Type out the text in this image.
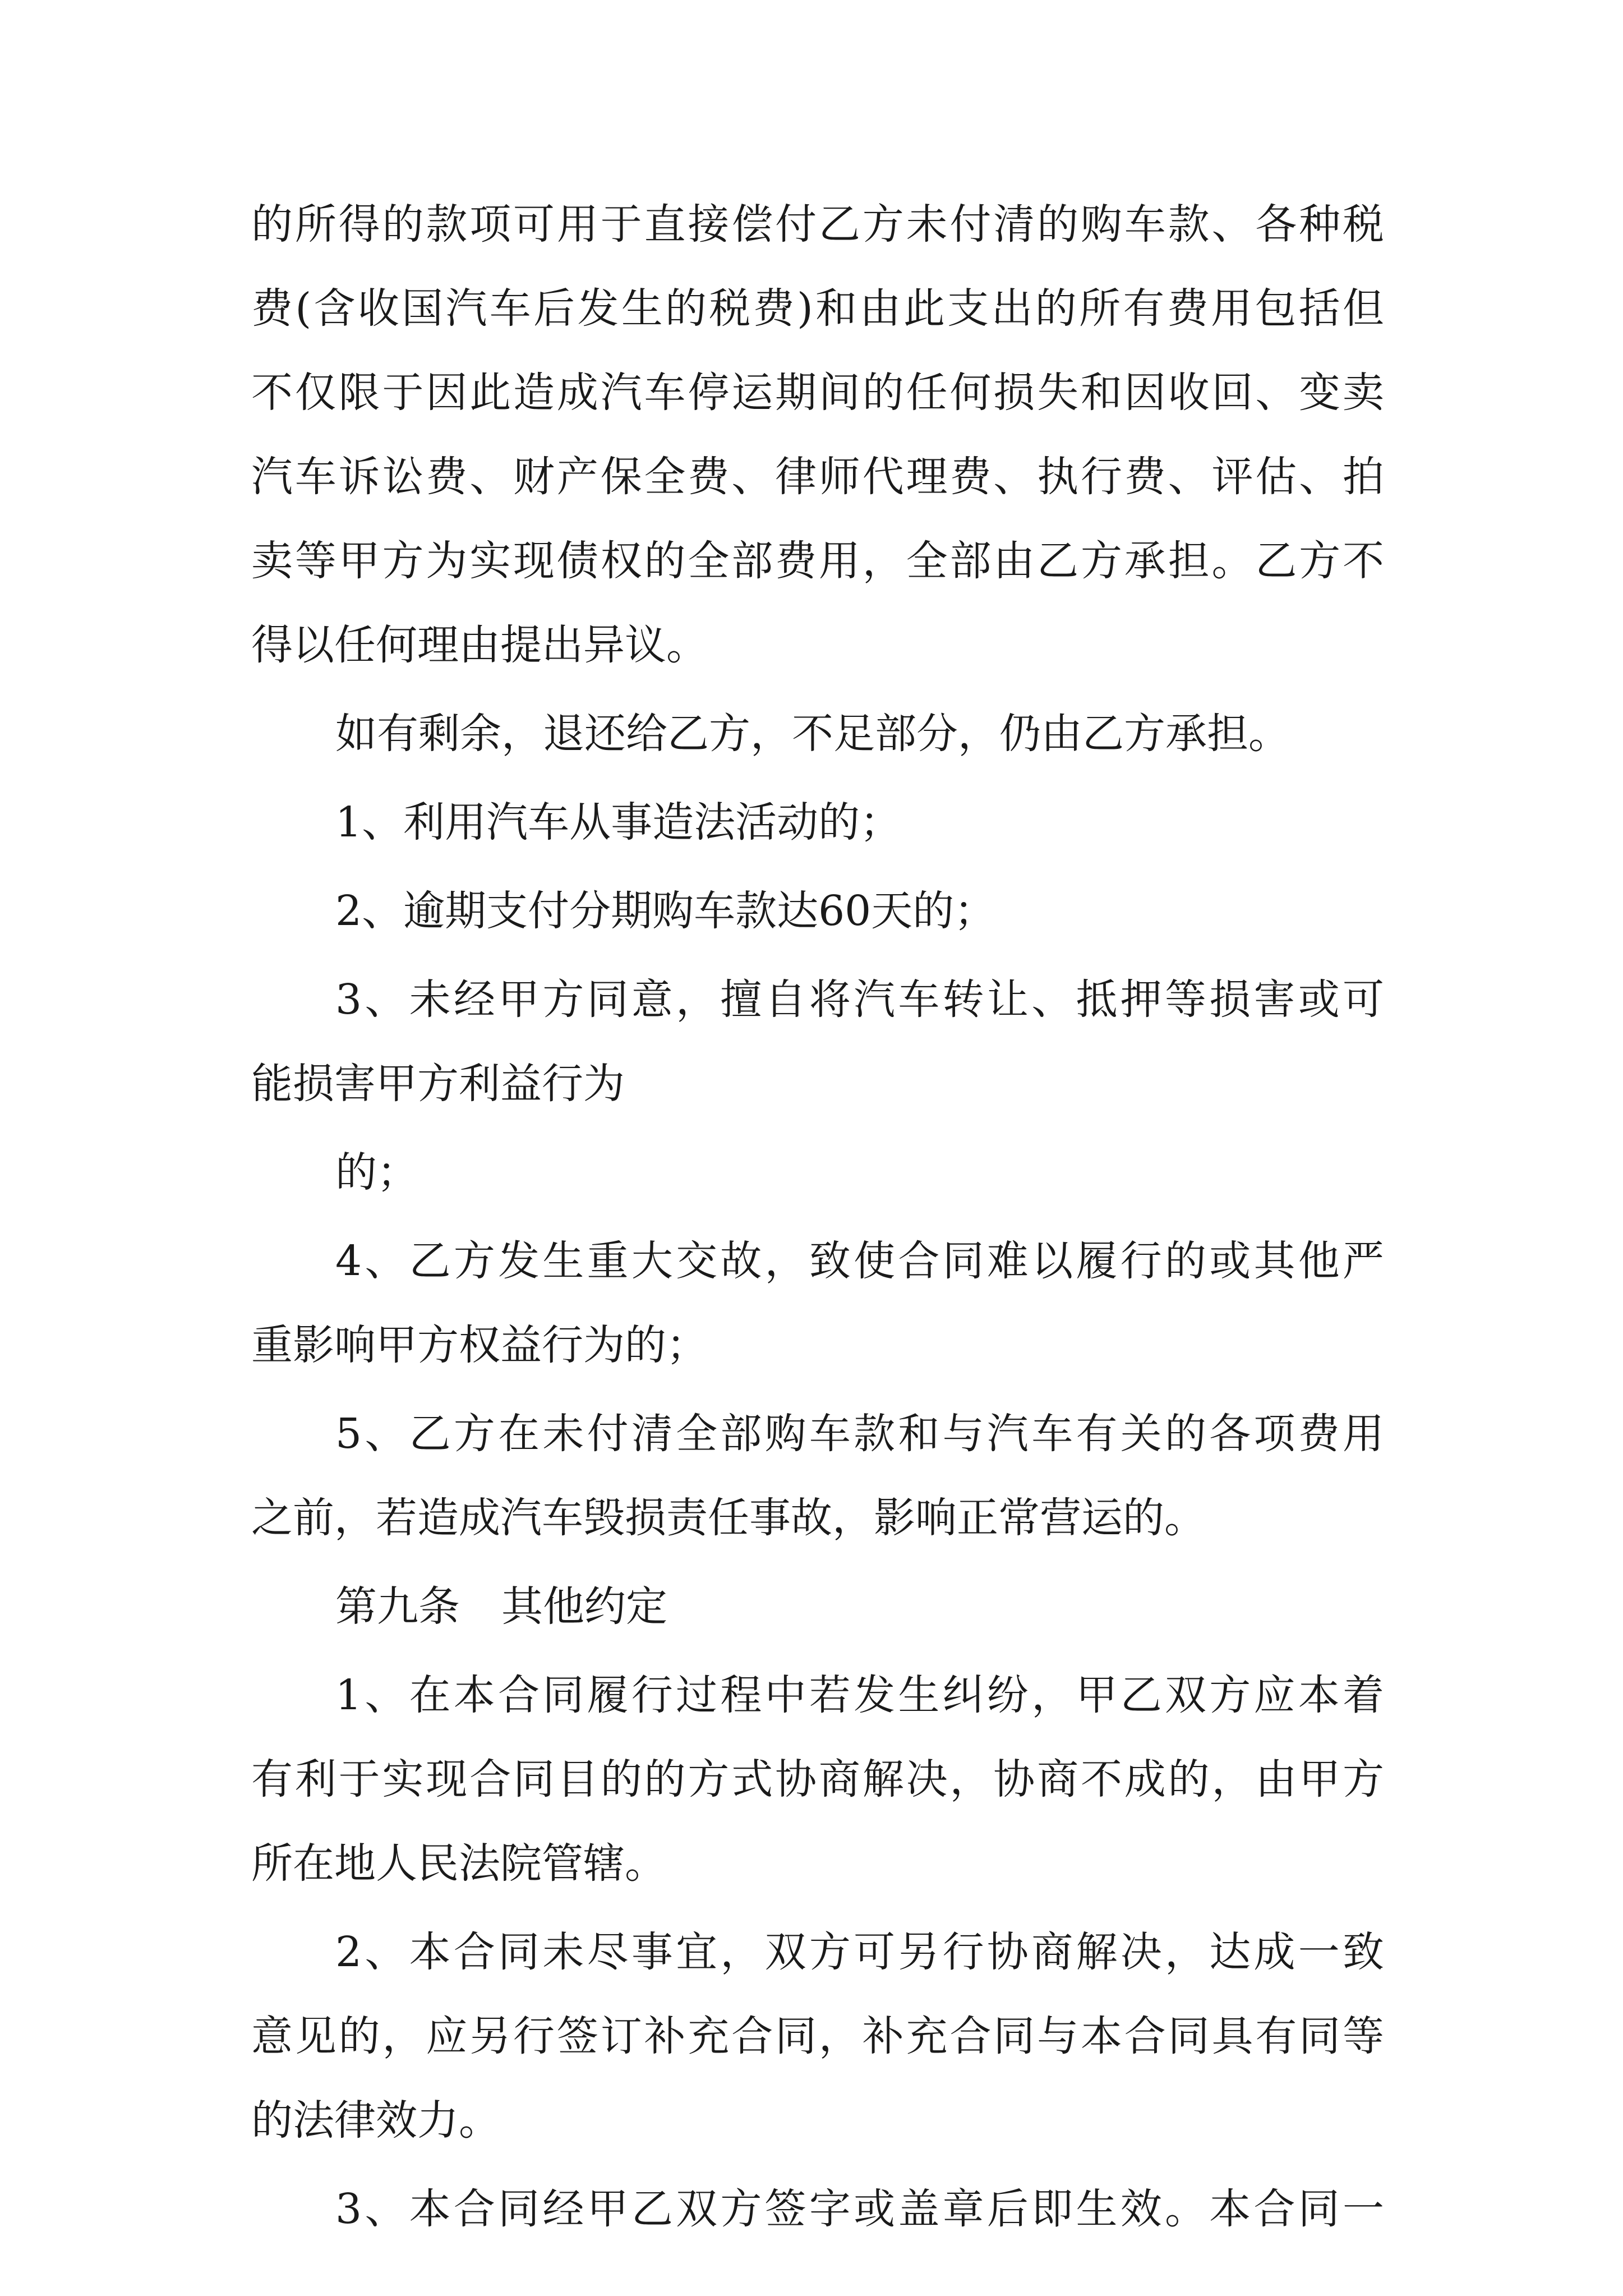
的所得的款项可用于直接偿付乙方未付清的购车款、各种税

费(含收国汽车后发生的税费)和由此支出的所有费用包括但

不仅限于因此造成汽车停运期间的任何损失和因收回、变卖

汽车诉讼费、财产保全费、律师代理费、执行费、评估、拍

卖等甲方为实现债权的全部费用，全部由乙方承担。乙方不

得以任何理由提出异议。

如有剩余，退还给乙方，不足部分，仍由乙方承担。

1、利用汽车从事造法活动的；

2、逾期支付分期购车款达60天的；

3、未经甲方同意，擅自将汽车转让、抵押等损害或可

能损害甲方利益行为

的；

4、乙方发生重大交故，致使合同难以履行的或其他严

重影响甲方权益行为的；

5、乙方在未付清全部购车款和与汽车有关的各项费用

之前，若造成汽车毁损责任事故，影响正常营运的。

第九条　其他约定

1、在本合同履行过程中若发生纠纷，甲乙双方应本着

有利于实现合同目的的方式协商解决，协商不成的，由甲方

所在地人民法院管辖。

2、本合同未尽事宜，双方可另行协商解决，达成一致

意见的，应另行签订补充合同，补充合同与本合同具有同等

的法律效力。

3、本合同经甲乙双方签字或盖章后即生效。本合同一
